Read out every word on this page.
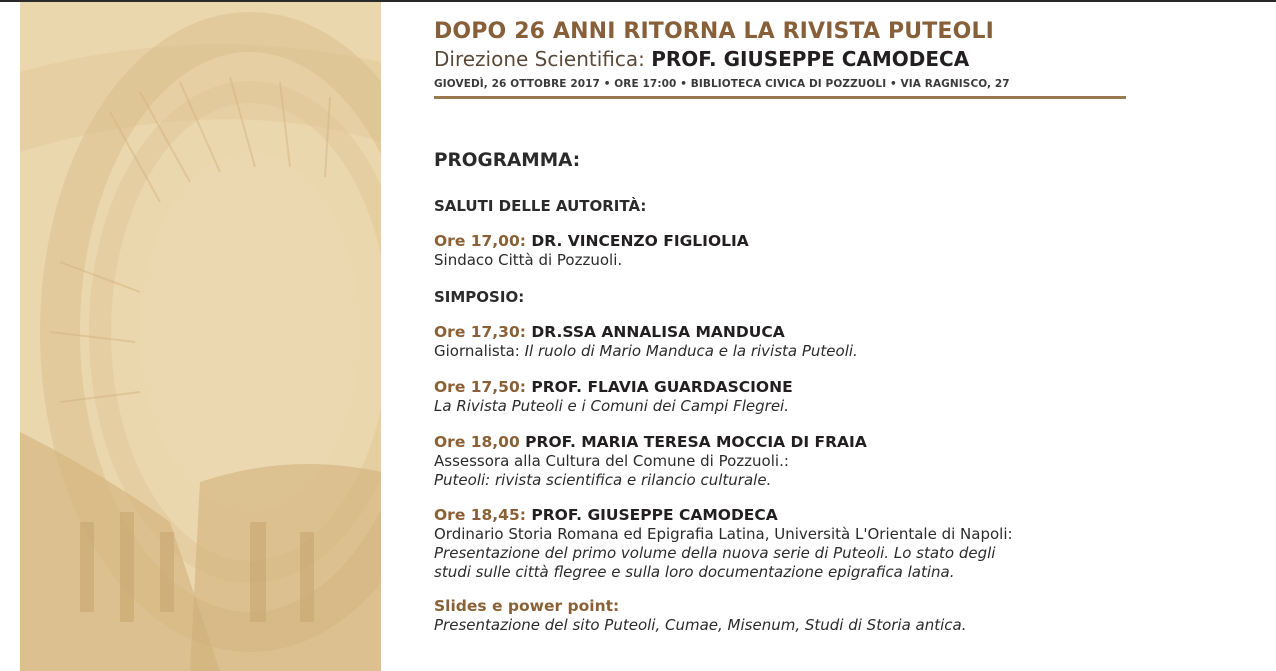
DOPO 26 ANNI RITORNA LA RIVISTA PUTEOLI
Direzione Scientifica: PROF. GIUSEPPE CAMODECA
GIOVEDÌ, 26 OTTOBRE 2017 • ORE 17:00 • BIBLIOTECA CIVICA DI POZZUOLI • VIA RAGNISCO, 27
PROGRAMMA:
SALUTI DELLE AUTORITÀ:
Ore 17,00: DR. VINCENZO FIGLIOLIA
Sindaco Città di Pozzuoli.
SIMPOSIO:
Ore 17,30: DR.SSA ANNALISA MANDUCA
Giornalista: Il ruolo di Mario Manduca e la rivista Puteoli.
Ore 17,50: PROF. FLAVIA GUARDASCIONE
La Rivista Puteoli e i Comuni dei Campi Flegrei.
Ore 18,00 PROF. MARIA TERESA MOCCIA DI FRAIA
Assessora alla Cultura del Comune di Pozzuoli.:
Puteoli: rivista scientifica e rilancio culturale.
Ore 18,45: PROF. GIUSEPPE CAMODECA
Ordinario Storia Romana ed Epigrafia Latina, Università L'Orientale di Napoli:
Presentazione del primo volume della nuova serie di Puteoli. Lo stato degli
studi sulle città flegree e sulla loro documentazione epigrafica latina.
Slides e power point:
Presentazione del sito Puteoli, Cumae, Misenum, Studi di Storia antica.
